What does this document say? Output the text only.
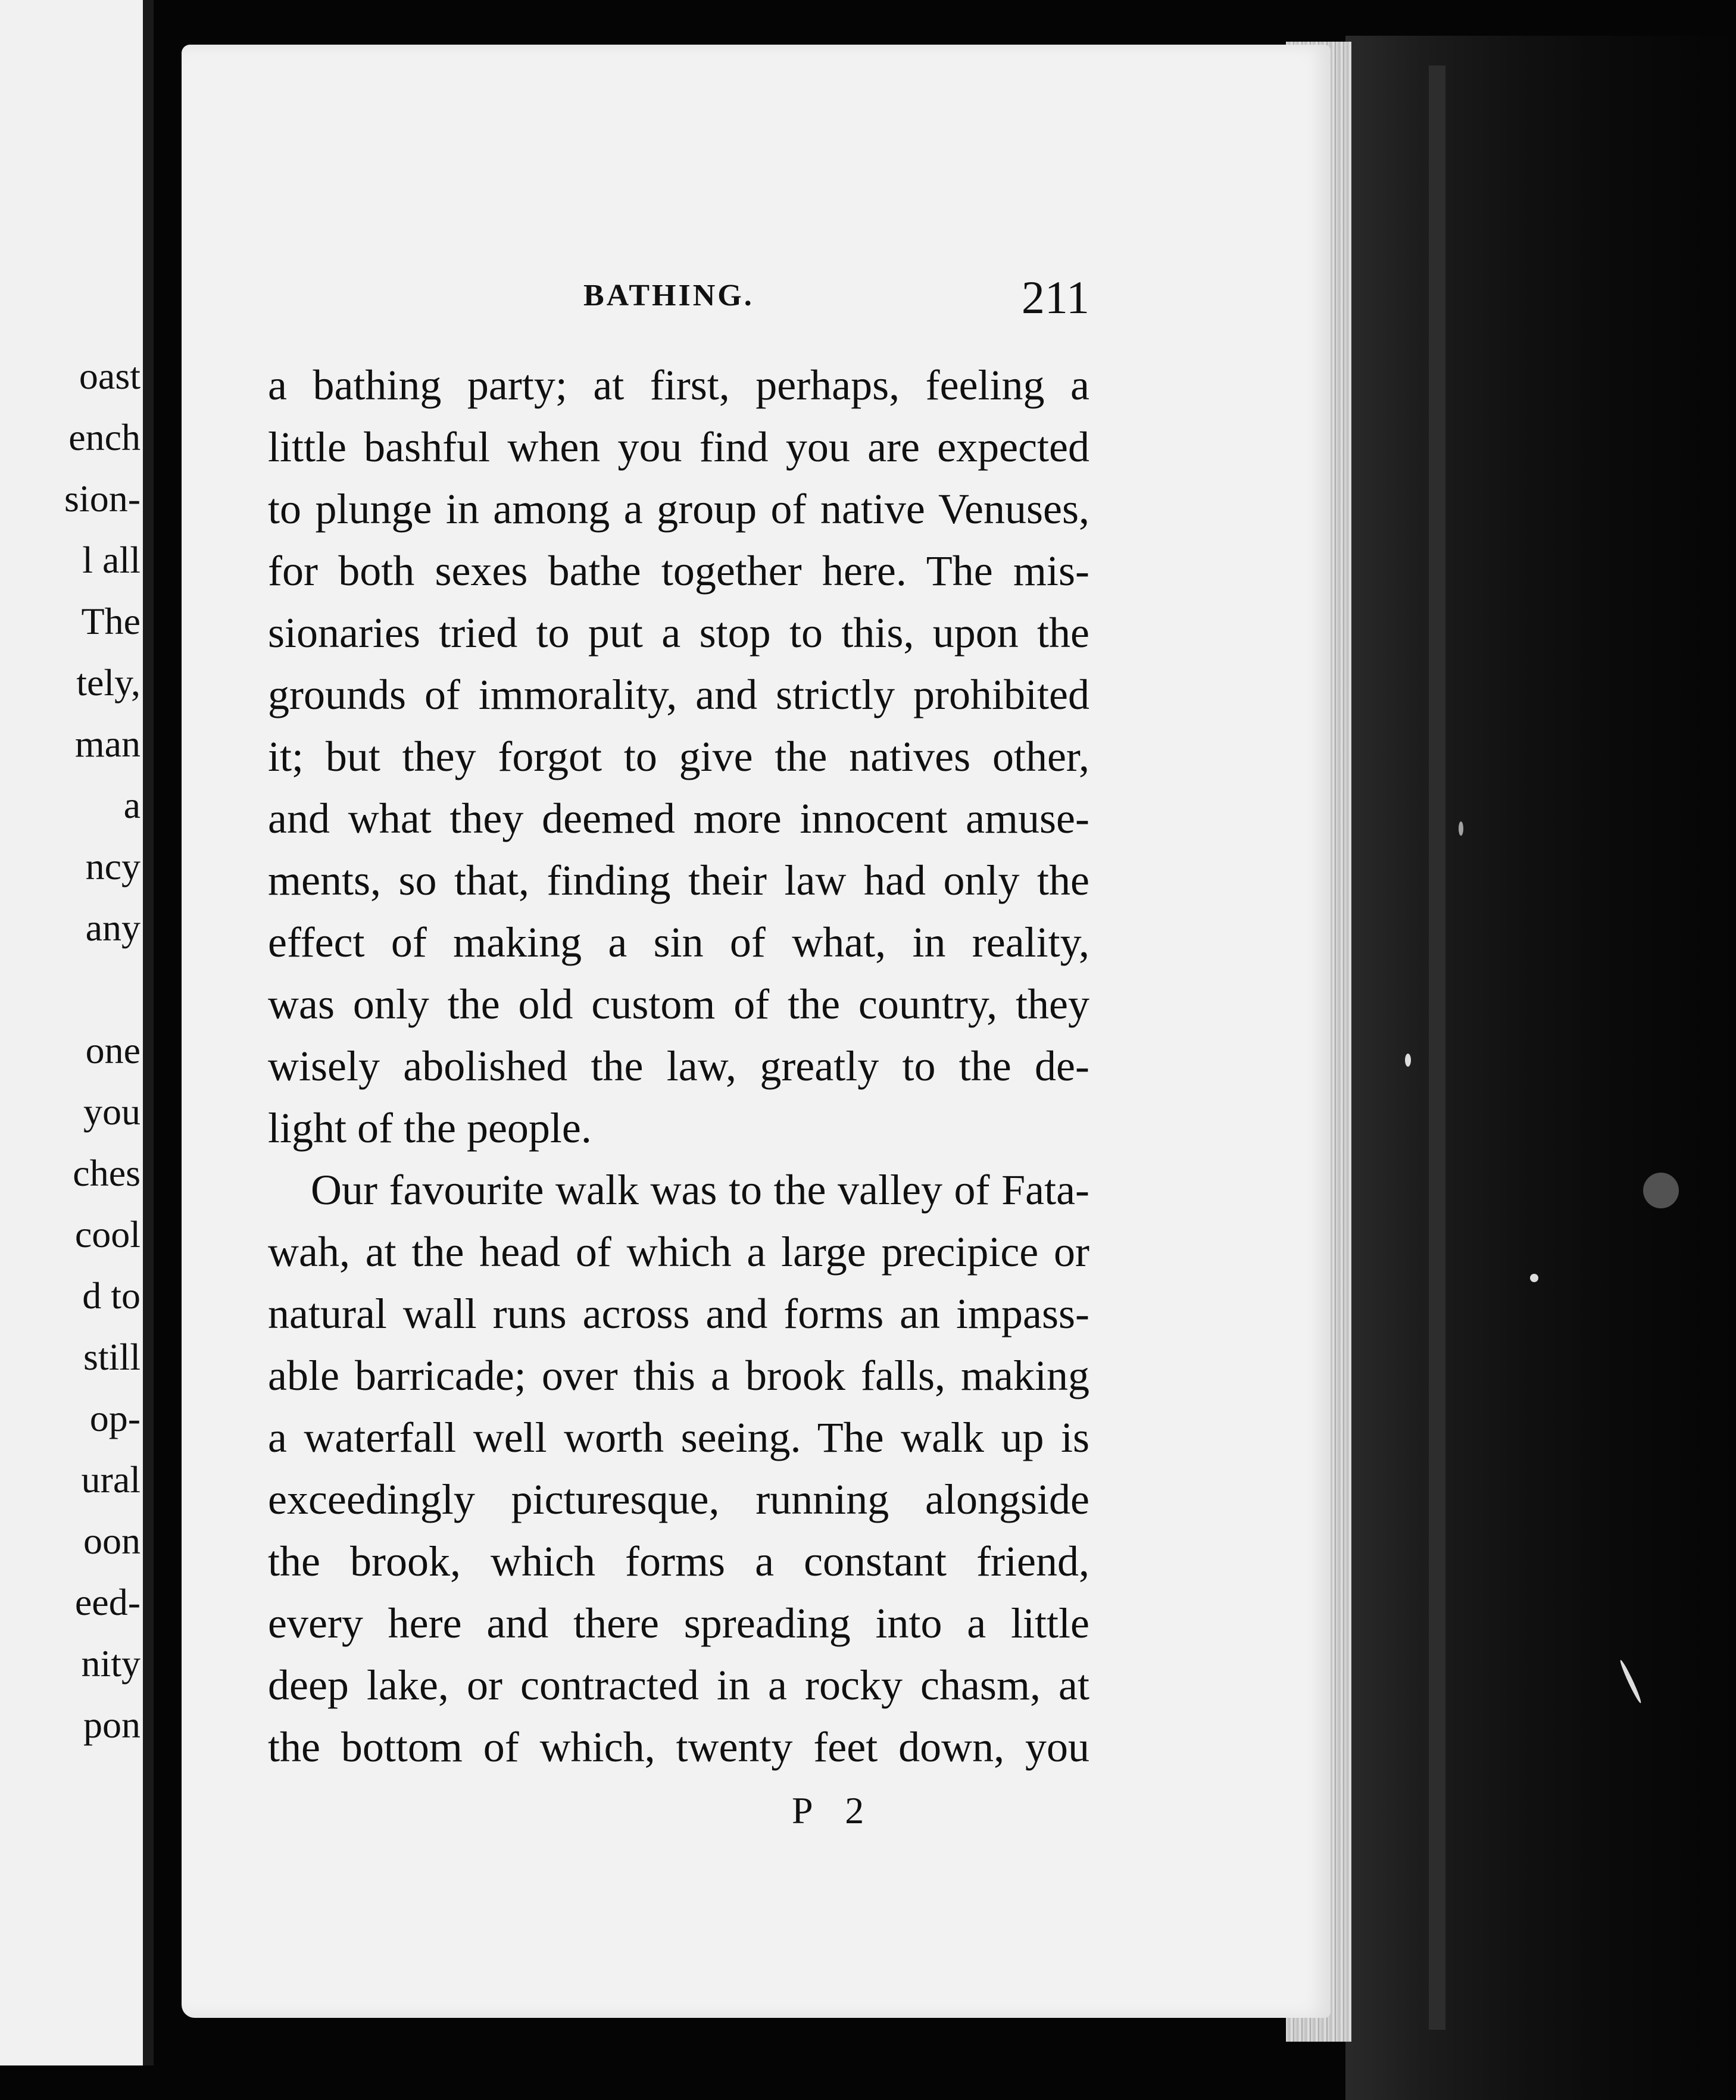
oast
ench
sion-
l all
The
tely,
man
a
ncy
any
one
you
ches
cool
d to
still
op-
ural
oon
eed-
nity
pon
BATHING.	211
a bathing party; at first, perhaps, feeling a
little bashful when you find you are expected
to plunge in among a group of native Venuses,
for both sexes bathe together here. The mis-
sionaries tried to put a stop to this, upon the
grounds of immorality, and strictly prohibited
it; but they forgot to give the natives other,
and what they deemed more innocent amuse-
ments, so that, finding their law had only the
effect of making a sin of what, in reality,
was only the old custom of the country, they
wisely abolished the law, greatly to the de-
light of the people.
Our favourite walk was to the valley of Fata-
wah, at the head of which a large precipice or
natural wall runs across and forms an impass-
able barricade; over this a brook falls, making
a waterfall well worth seeing. The walk up is
exceedingly picturesque, running alongside
the brook, which forms a constant friend,
every here and there spreading into a little
deep lake, or contracted in a rocky chasm, at
the bottom of which, twenty feet down, you
P 2
